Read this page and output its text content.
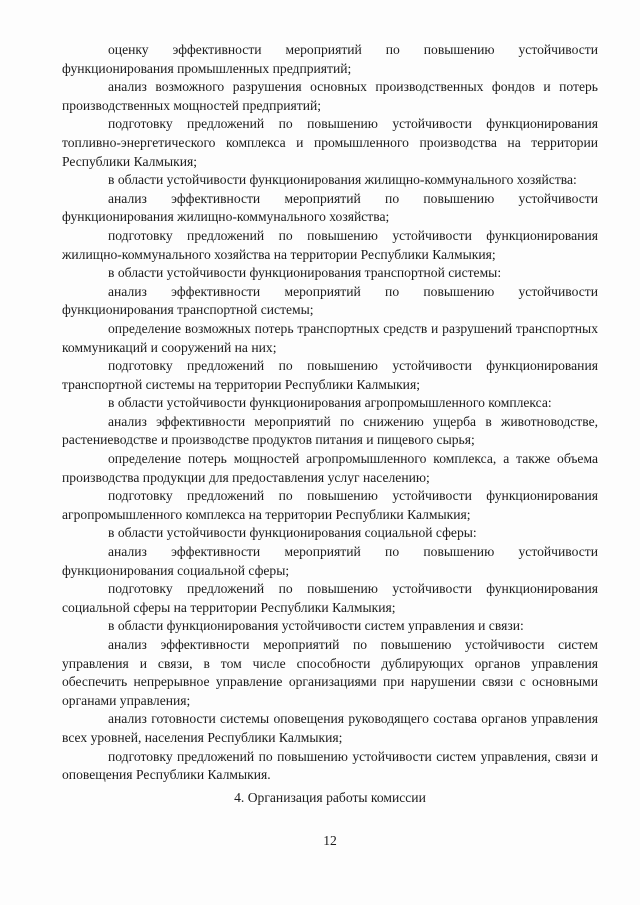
оценку эффективности мероприятий по повышению устойчивости функционирования промышленных предприятий;

анализ возможного разрушения основных производственных фондов и потерь производственных мощностей предприятий;

подготовку предложений по повышению устойчивости функционирования топливно-энергетического комплекса и промышленного производства на территории Республики Калмыкия;

в области устойчивости функционирования жилищно-коммунального хозяйства:

анализ эффективности мероприятий по повышению устойчивости функционирования жилищно-коммунального хозяйства;

подготовку предложений по повышению устойчивости функционирования жилищно-коммунального хозяйства на территории Республики Калмыкия;

в области устойчивости функционирования транспортной системы:

анализ эффективности мероприятий по повышению устойчивости функционирования транспортной системы;

определение возможных потерь транспортных средств и разрушений транспортных коммуникаций и сооружений на них;

подготовку предложений по повышению устойчивости функционирования транспортной системы на территории Республики Калмыкия;

в области устойчивости функционирования агропромышленного комплекса:

анализ эффективности мероприятий по снижению ущерба в животноводстве, растениеводстве и производстве продуктов питания и пищевого сырья;

определение потерь мощностей агропромышленного комплекса, а также объема производства продукции для предоставления услуг населению;

подготовку предложений по повышению устойчивости функционирования агропромышленного комплекса на территории Республики Калмыкия;

в области устойчивости функционирования социальной сферы:

анализ эффективности мероприятий по повышению устойчивости функционирования социальной сферы;

подготовку предложений по повышению устойчивости функционирования социальной сферы на территории Республики Калмыкия;

в области функционирования устойчивости систем управления и связи:

анализ эффективности мероприятий по повышению устойчивости систем управления и связи, в том числе способности дублирующих органов управления обеспечить непрерывное управление организациями при нарушении связи с основными органами управления;

анализ готовности системы оповещения руководящего состава органов управления всех уровней, населения Республики Калмыкия;

подготовку предложений по повышению устойчивости систем управления, связи и оповещения Республики Калмыкия.

4. Организация работы комиссии
12
